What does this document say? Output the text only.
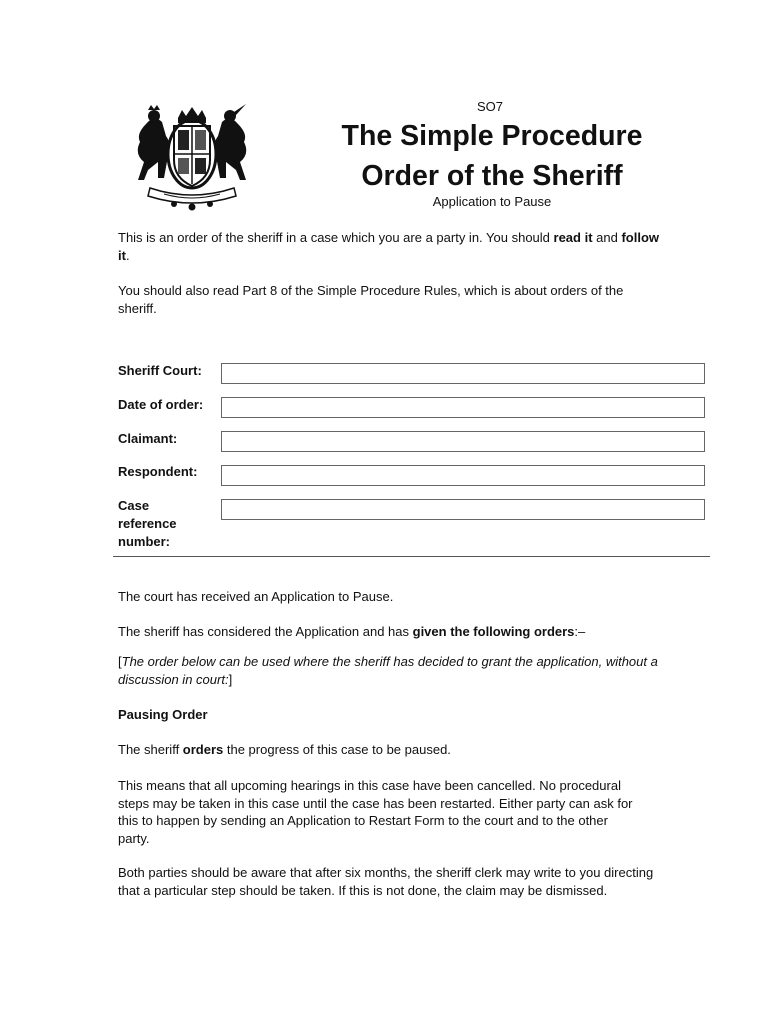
SO7
The Simple Procedure
Order of the Sheriff
Application to Pause

This is an order of the sheriff in a case which you are a party in. You should read it and follow it.

You should also read Part 8 of the Simple Procedure Rules, which is about orders of the sheriff.

Sheriff Court:
Date of order:
Claimant:
Respondent:
Case
reference
number:

The court has received an Application to Pause.

The sheriff has considered the Application and has given the following orders:–

[The order below can be used where the sheriff has decided to grant the application, without a discussion in court:]

Pausing Order

The sheriff orders the progress of this case to be paused.

This means that all upcoming hearings in this case have been cancelled. No procedural steps may be taken in this case until the case has been restarted. Either party can ask for this to happen by sending an Application to Restart Form to the court and to the other party.

Both parties should be aware that after six months, the sheriff clerk may write to you directing that a particular step should be taken. If this is not done, the claim may be dismissed.
